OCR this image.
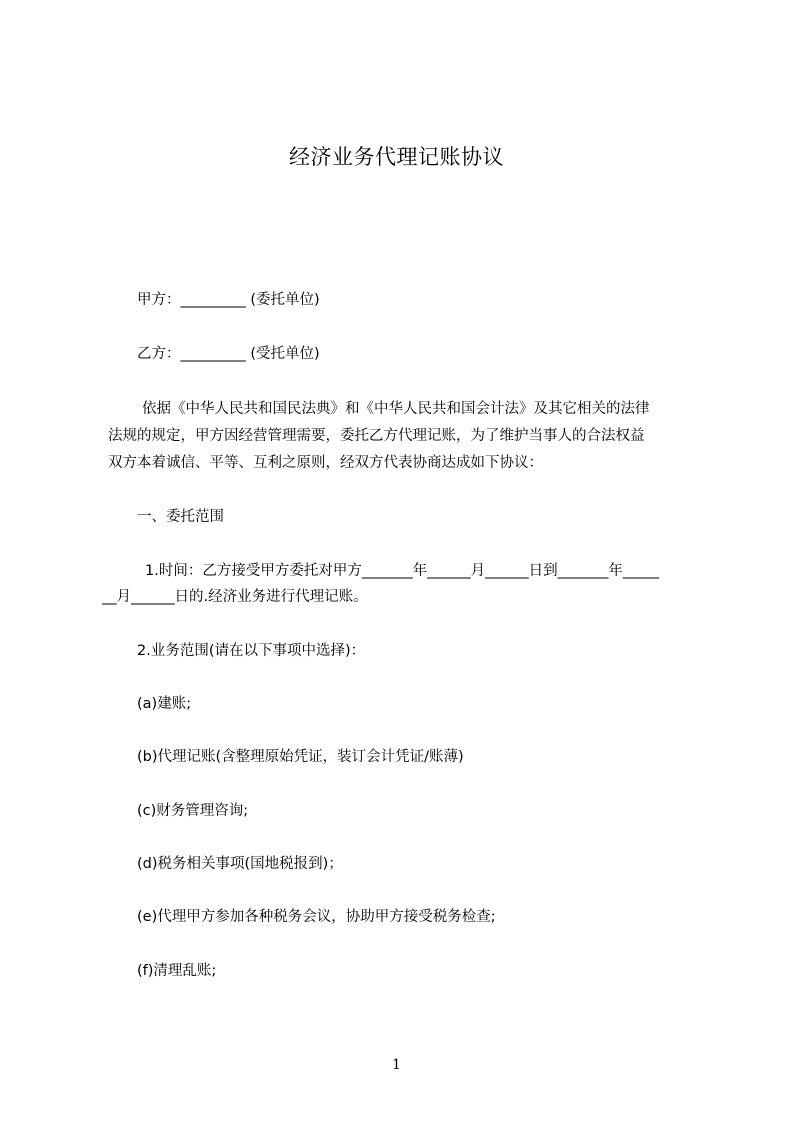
经济业务代理记账协议
甲方：_________ (委托单位)
乙方：_________ (受托单位)
依据《中华人民共和国民法典》和《中华人民共和国会计法》及其它相关的法律
法规的规定，甲方因经营管理需要，委托乙方代理记账，为了维护当事人的合法权益
双方本着诚信、平等、互利之原则，经双方代表协商达成如下协议：
一、委托范围
1.时间：乙方接受甲方委托对甲方_______年______月______日到_______年_____
__月______日的.经济业务进行代理记账。
2.业务范围(请在以下事项中选择)：
(a)建账;
(b)代理记账(含整理原始凭证，装订会计凭证/账薄)
(c)财务管理咨询;
(d)税务相关事项(国地税报到)；
(e)代理甲方参加各种税务会议，协助甲方接受税务检查;
(f)清理乱账;
1
